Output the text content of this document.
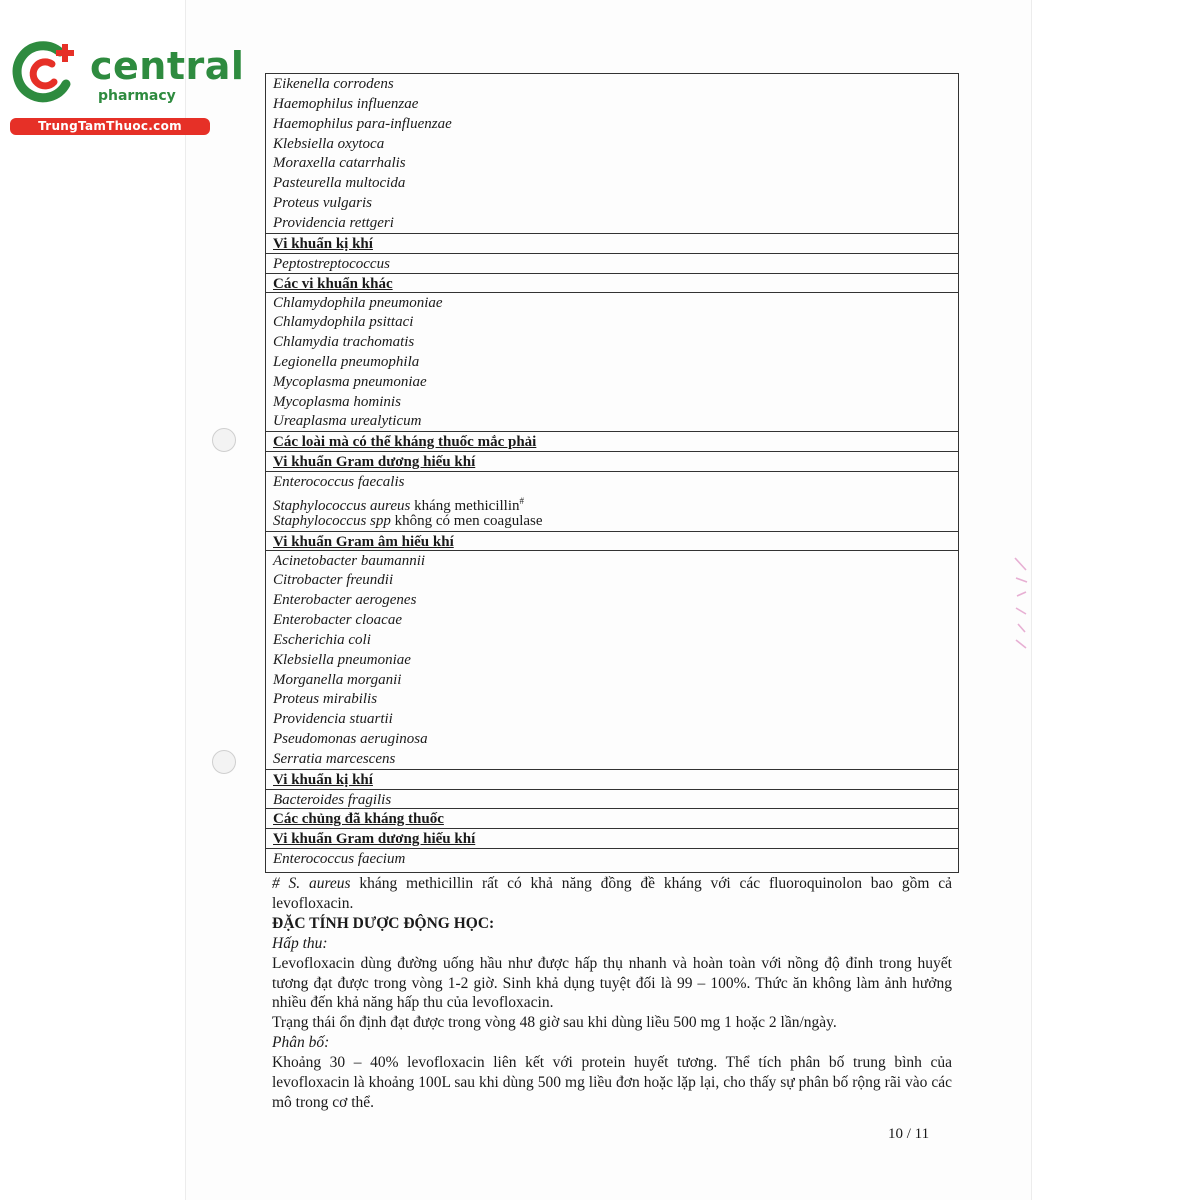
central
pharmacy
TrungTamThuoc.com
Eikenella corrodens
Haemophilus influenzae
Haemophilus para-influenzae
Klebsiella oxytoca
Moraxella catarrhalis
Pasteurella multocida
Proteus vulgaris
Providencia rettgeri
Vi khuẩn kị khí
Peptostreptococcus
Các vi khuẩn khác
Chlamydophila pneumoniae
Chlamydophila psittaci
Chlamydia trachomatis
Legionella pneumophila
Mycoplasma pneumoniae
Mycoplasma hominis
Ureaplasma urealyticum
Các loài mà có thể kháng thuốc mắc phải
Vi khuẩn Gram dương hiếu khí
Enterococcus faecalis
Staphylococcus aureus kháng methicillin#
Staphylococcus spp không có men coagulase
Vi khuẩn Gram âm hiếu khí
Acinetobacter baumannii
Citrobacter freundii
Enterobacter aerogenes
Enterobacter cloacae
Escherichia coli
Klebsiella pneumoniae
Morganella morganii
Proteus mirabilis
Providencia stuartii
Pseudomonas aeruginosa
Serratia marcescens
Vi khuẩn kị khí
Bacteroides fragilis
Các chủng đã kháng thuốc
Vi khuẩn Gram dương hiếu khí
Enterococcus faecium

# S. aureus kháng methicillin rất có khả năng đồng đề kháng với các fluoroquinolon bao gồm cả levofloxacin.

ĐẶC TÍNH DƯỢC ĐỘNG HỌC:

Hấp thu:

Levofloxacin dùng đường uống hầu như được hấp thụ nhanh và hoàn toàn với nồng độ đỉnh trong huyết tương đạt được trong vòng 1-2 giờ. Sinh khả dụng tuyệt đối là 99 – 100%. Thức ăn không làm ảnh hưởng nhiều đến khả năng hấp thu của levofloxacin.

Trạng thái ổn định đạt được trong vòng 48 giờ sau khi dùng liều 500 mg 1 hoặc 2 lần/ngày.

Phân bố:

Khoảng 30 – 40% levofloxacin liên kết với protein huyết tương. Thể tích phân bố trung bình của levofloxacin là khoảng 100L sau khi dùng 500 mg liều đơn hoặc lặp lại, cho thấy sự phân bố rộng rãi vào các mô trong cơ thể.

10 / 11
